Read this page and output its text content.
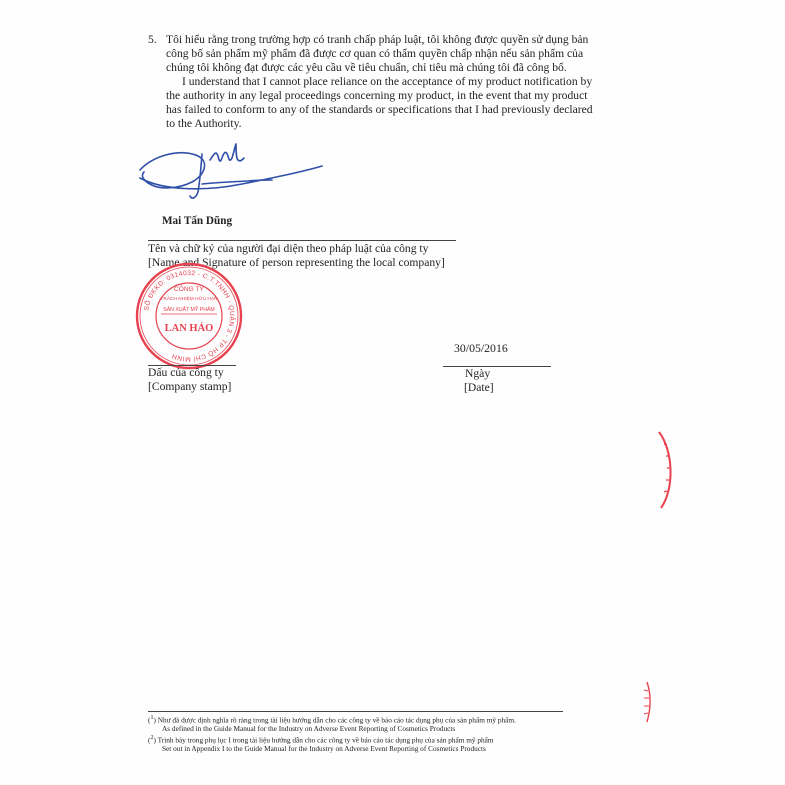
5. Tôi hiểu rằng trong trường hợp có tranh chấp pháp luật, tôi không được quyền sử dụng bản
công bố sản phẩm mỹ phẩm đã được cơ quan có thẩm quyền chấp nhận nếu sản phẩm của
chúng tôi không đạt được các yêu cầu về tiêu chuẩn, chỉ tiêu mà chúng tôi đã công bố.
I understand that I cannot place reliance on the acceptance of my product notification by
the authority in any legal proceedings concerning my product, in the event that my product
has failed to conform to any of the standards or specifications that I had previously declared
to the Authority.
Mai Tấn Dũng
Tên và chữ ký của người đại diện theo pháp luật của công ty
[Name and Signature of person representing the local company]
SỐ ĐKKD: 0314032 - C.T.TNHH - QUẬN 3 - TP HỒ CHÍ MINH
CÔNG TY
TRÁCH NHIỆM HỮU HẠN
SẢN XUẤT MỸ PHẨM
LAN HẢO
Dấu của công ty
[Company stamp]
30/05/2016
Ngày
[Date]
($^1$) Như đã được định nghĩa rõ ràng trong tài liệu hướng dẫn cho các công ty về báo cáo tác dụng phụ của sản phẩm mỹ phẩm.
As defined in the Guide Manual for the Industry on Adverse Event Reporting of Cosmetics Products
($^2$) Trình bày trong phụ lục I trong tài liệu hướng dẫn cho các công ty về báo cáo tác dụng phụ của sản phẩm mỹ phẩm
Set out in Appendix I to the Guide Manual for the Industry on Adverse Event Reporting of Cosmetics Products
